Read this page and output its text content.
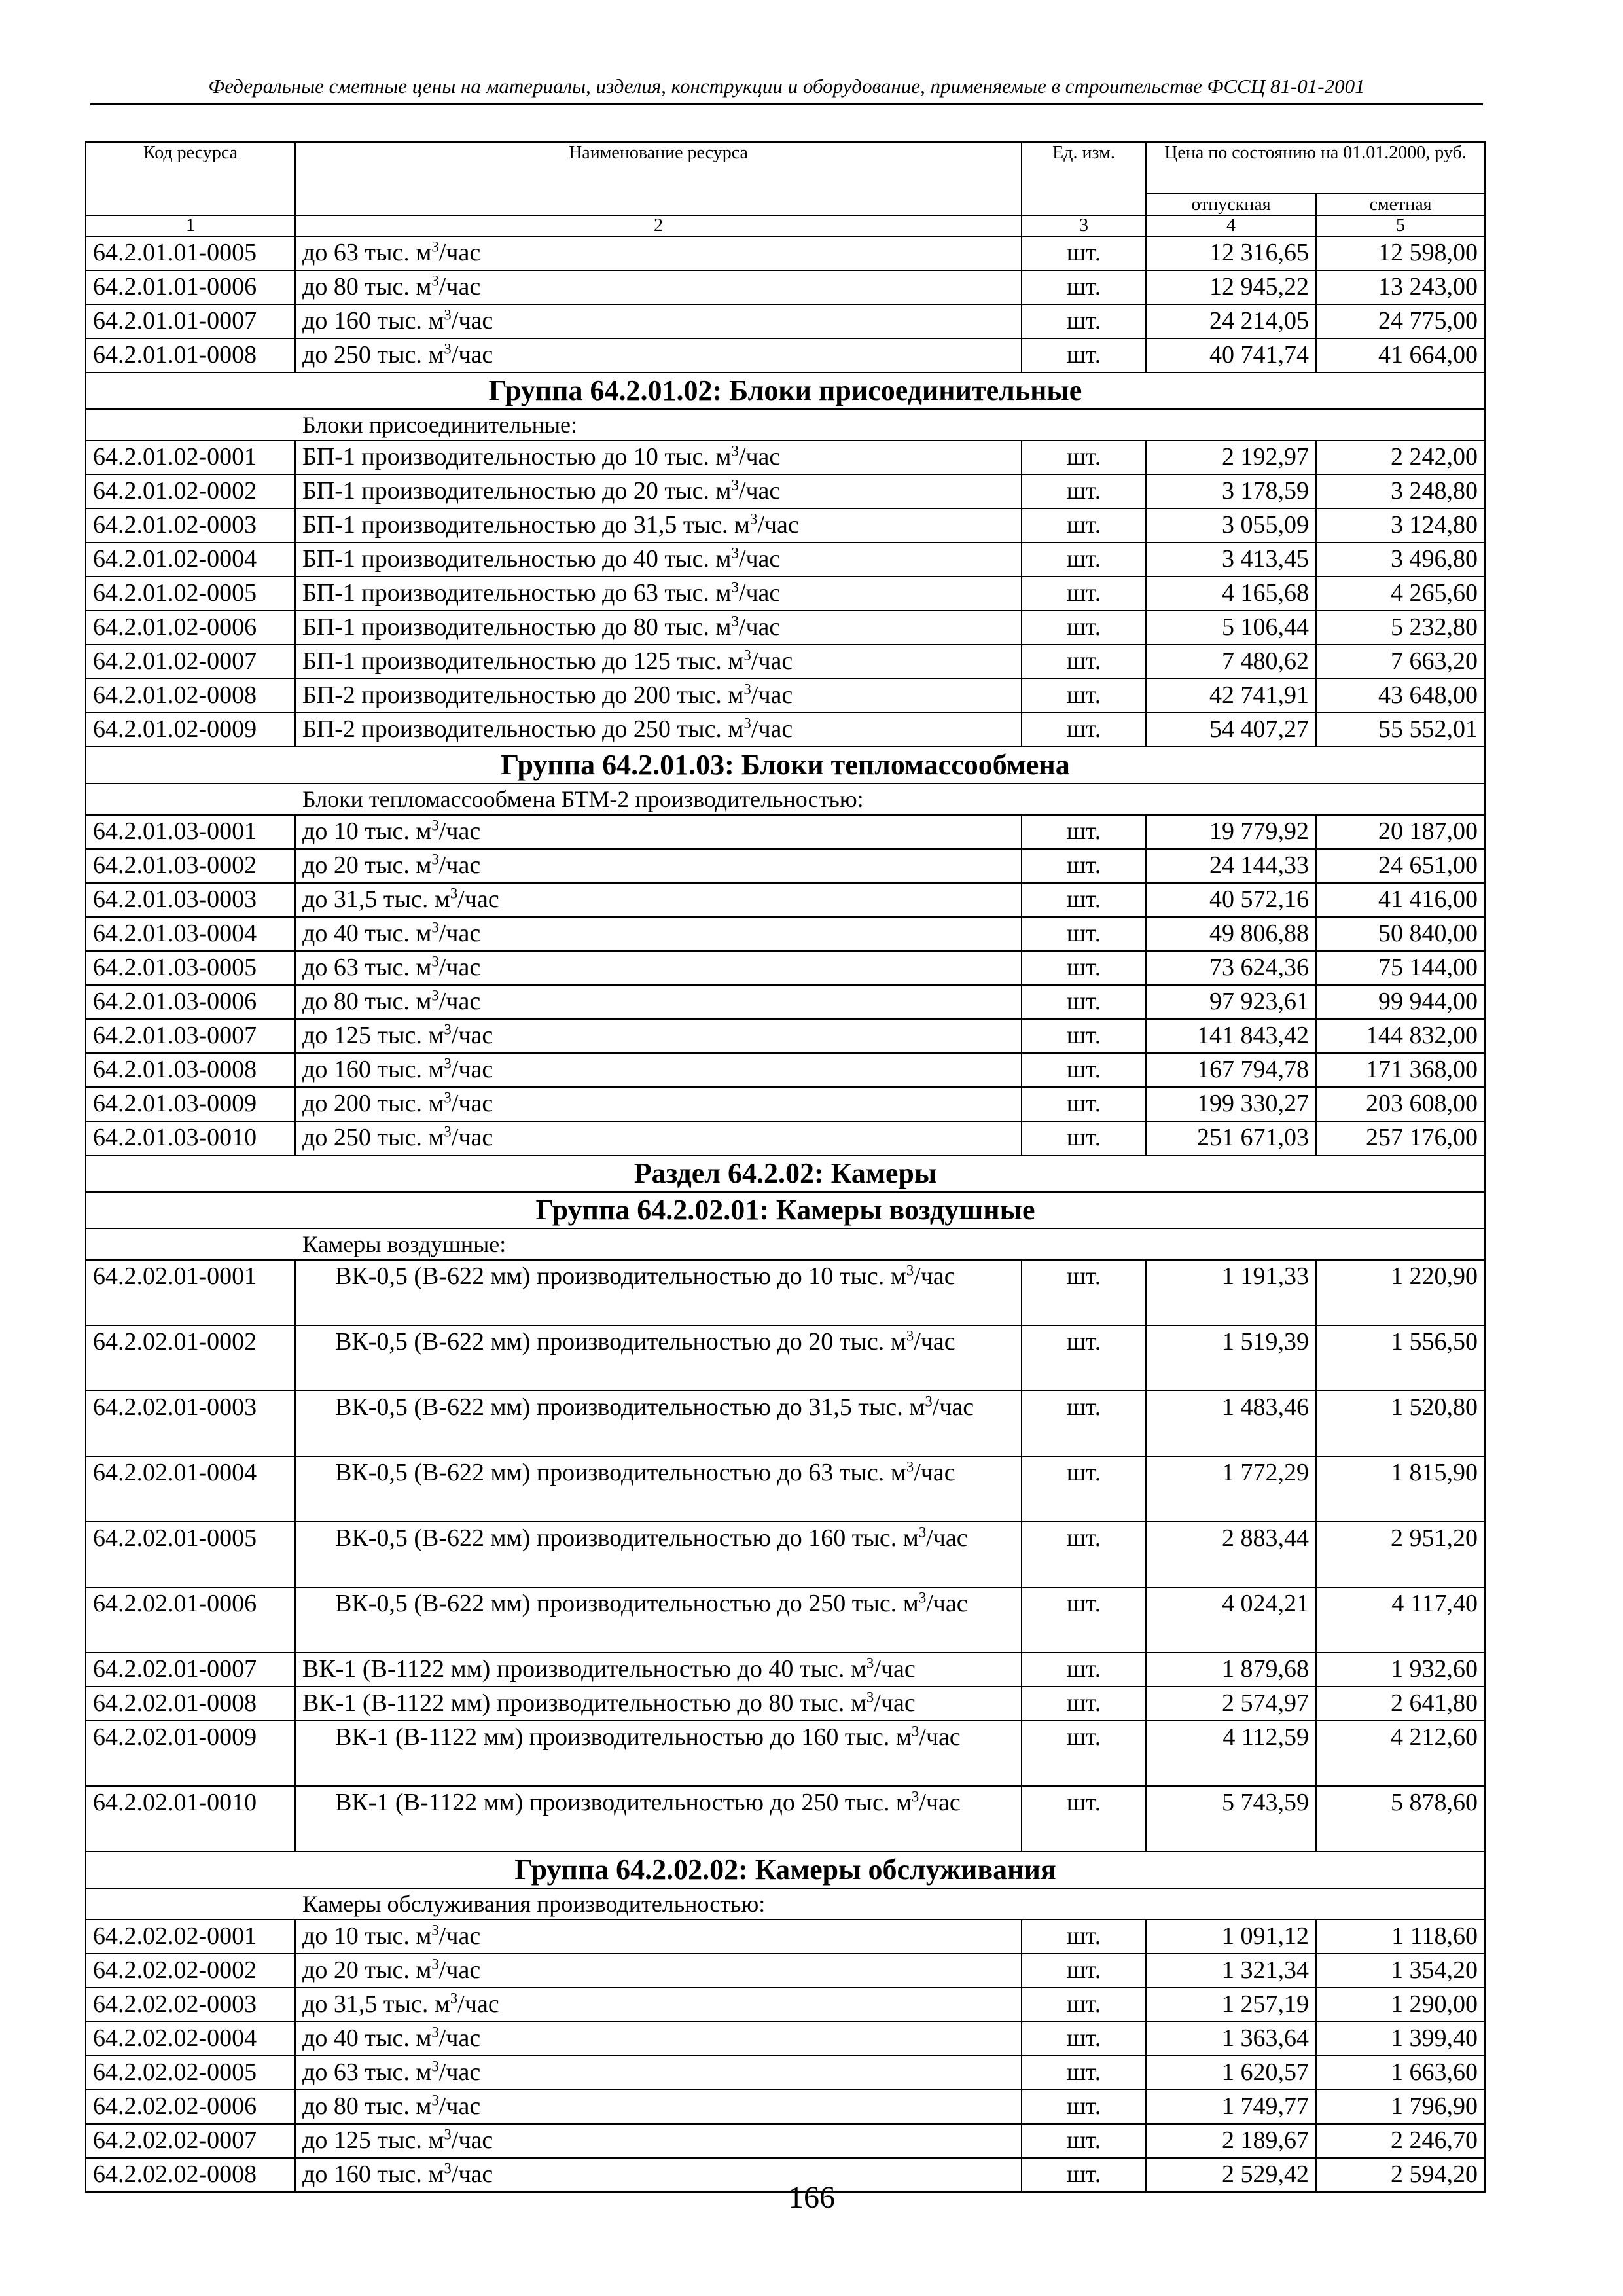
Федеральные сметные цены на материалы, изделия, конструкции и оборудование, применяемые в строительстве ФССЦ 81-01-2001
Код ресурса	Наименование ресурса	Ед. изм.	Цена по состоянию на 01.01.2000, руб.	
			отпускная	сметная
1	2	3	4	5
64.2.01.01-0005	до 63 тыс. $м^3$/час	шт.	12 316,65	12 598,00
64.2.01.01-0006	до 80 тыс. $м^3$/час	шт.	12 945,22	13 243,00
64.2.01.01-0007	до 160 тыс. $м^3$/час	шт.	24 214,05	24 775,00
64.2.01.01-0008	до 250 тыс. $м^3$/час	шт.	40 741,74	41 664,00
Группа 64.2.01.02: Блоки присоединительные				
Блоки присоединительные:				
64.2.01.02-0001	БП-1 производительностью до 10 тыс. $м^3$/час	шт.	2 192,97	2 242,00
64.2.01.02-0002	БП-1 производительностью до 20 тыс. $м^3$/час	шт.	3 178,59	3 248,80
64.2.01.02-0003	БП-1 производительностью до 31,5 тыс. $м^3$/час	шт.	3 055,09	3 124,80
64.2.01.02-0004	БП-1 производительностью до 40 тыс. $м^3$/час	шт.	3 413,45	3 496,80
64.2.01.02-0005	БП-1 производительностью до 63 тыс. $м^3$/час	шт.	4 165,68	4 265,60
64.2.01.02-0006	БП-1 производительностью до 80 тыс. $м^3$/час	шт.	5 106,44	5 232,80
64.2.01.02-0007	БП-1 производительностью до 125 тыс. $м^3$/час	шт.	7 480,62	7 663,20
64.2.01.02-0008	БП-2 производительностью до 200 тыс. $м^3$/час	шт.	42 741,91	43 648,00
64.2.01.02-0009	БП-2 производительностью до 250 тыс. $м^3$/час	шт.	54 407,27	55 552,01
Группа 64.2.01.03: Блоки тепломассообмена				
Блоки тепломассообмена БТМ-2 производительностью:				
64.2.01.03-0001	до 10 тыс. $м^3$/час	шт.	19 779,92	20 187,00
64.2.01.03-0002	до 20 тыс. $м^3$/час	шт.	24 144,33	24 651,00
64.2.01.03-0003	до 31,5 тыс. $м^3$/час	шт.	40 572,16	41 416,00
64.2.01.03-0004	до 40 тыс. $м^3$/час	шт.	49 806,88	50 840,00
64.2.01.03-0005	до 63 тыс. $м^3$/час	шт.	73 624,36	75 144,00
64.2.01.03-0006	до 80 тыс. $м^3$/час	шт.	97 923,61	99 944,00
64.2.01.03-0007	до 125 тыс. $м^3$/час	шт.	141 843,42	144 832,00
64.2.01.03-0008	до 160 тыс. $м^3$/час	шт.	167 794,78	171 368,00
64.2.01.03-0009	до 200 тыс. $м^3$/час	шт.	199 330,27	203 608,00
64.2.01.03-0010	до 250 тыс. $м^3$/час	шт.	251 671,03	257 176,00
Раздел 64.2.02: Камеры				
Группа 64.2.02.01: Камеры воздушные				
Камеры воздушные:				
64.2.02.01-0001	ВК-0,5 (В-622 мм) производительностью до 10 тыс. $м^3$/час	шт.	1 191,33	1 220,90
64.2.02.01-0002	ВК-0,5 (В-622 мм) производительностью до 20 тыс. $м^3$/час	шт.	1 519,39	1 556,50
64.2.02.01-0003	ВК-0,5 (В-622 мм) производительностью до 31,5 тыс. $м^3$/час	шт.	1 483,46	1 520,80
64.2.02.01-0004	ВК-0,5 (В-622 мм) производительностью до 63 тыс. $м^3$/час	шт.	1 772,29	1 815,90
64.2.02.01-0005	ВК-0,5 (В-622 мм) производительностью до 160 тыс. $м^3$/час	шт.	2 883,44	2 951,20
64.2.02.01-0006	ВК-0,5 (В-622 мм) производительностью до 250 тыс. $м^3$/час	шт.	4 024,21	4 117,40
64.2.02.01-0007	ВК-1 (В-1122 мм) производительностью до 40 тыс. $м^3$/час	шт.	1 879,68	1 932,60
64.2.02.01-0008	ВК-1 (В-1122 мм) производительностью до 80 тыс. $м^3$/час	шт.	2 574,97	2 641,80
64.2.02.01-0009	ВК-1 (В-1122 мм) производительностью до 160 тыс. $м^3$/час	шт.	4 112,59	4 212,60
64.2.02.01-0010	ВК-1 (В-1122 мм) производительностью до 250 тыс. $м^3$/час	шт.	5 743,59	5 878,60
Группа 64.2.02.02: Камеры обслуживания				
Камеры обслуживания производительностью:				
64.2.02.02-0001	до 10 тыс. $м^3$/час	шт.	1 091,12	1 118,60
64.2.02.02-0002	до 20 тыс. $м^3$/час	шт.	1 321,34	1 354,20
64.2.02.02-0003	до 31,5 тыс. $м^3$/час	шт.	1 257,19	1 290,00
64.2.02.02-0004	до 40 тыс. $м^3$/час	шт.	1 363,64	1 399,40
64.2.02.02-0005	до 63 тыс. $м^3$/час	шт.	1 620,57	1 663,60
64.2.02.02-0006	до 80 тыс. $м^3$/час	шт.	1 749,77	1 796,90
64.2.02.02-0007	до 125 тыс. $м^3$/час	шт.	2 189,67	2 246,70
64.2.02.02-0008	до 160 тыс. $м^3$/час	шт.	2 529,42	2 594,20
166
